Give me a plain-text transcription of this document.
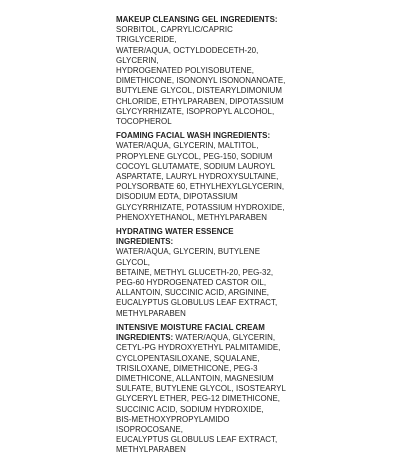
MAKEUP CLEANSING GEL INGREDIENTS:
SORBITOL, CAPRYLIC/CAPRIC TRIGLYCERIDE,
WATER/AQUA, OCTYLDODECETH-20, GLYCERIN,
HYDROGENATED POLYISOBUTENE,
DIMETHICONE, ISONONYL ISONONANOATE,
BUTYLENE GLYCOL, DISTEARYLDIMONIUM
CHLORIDE, ETHYLPARABEN, DIPOTASSIUM
GLYCYRRHIZATE, ISOPROPYL ALCOHOL,
TOCOPHEROL
FOAMING FACIAL WASH INGREDIENTS:
WATER/AQUA, GLYCERIN, MALTITOL,
PROPYLENE GLYCOL, PEG-150, SODIUM
COCOYL GLUTAMATE, SODIUM LAUROYL
ASPARTATE, LAURYL HYDROXYSULTAINE,
POLYSORBATE 60, ETHYLHEXYLGLYCERIN,
DISODIUM EDTA, DIPOTASSIUM
GLYCYRRHIZATE, POTASSIUM HYDROXIDE,
PHENOXYETHANOL, METHYLPARABEN
HYDRATING WATER ESSENCE INGREDIENTS:
WATER/AQUA, GLYCERIN, BUTYLENE GLYCOL,
BETAINE, METHYL GLUCETH-20, PEG-32,
PEG-60 HYDROGENATED CASTOR OIL,
ALLANTOIN, SUCCINIC ACID, ARGININE,
EUCALYPTUS GLOBULUS LEAF EXTRACT,
METHYLPARABEN
INTENSIVE MOISTURE FACIAL CREAM INGREDIENTS: WATER/AQUA, GLYCERIN,
CETYL-PG HYDROXYETHYL PALMITAMIDE,
CYCLOPENTASILOXANE, SQUALANE,
TRISILOXANE, DIMETHICONE, PEG-3
DIMETHICONE, ALLANTOIN, MAGNESIUM
SULFATE, BUTYLENE GLYCOL, ISOSTEARYL
GLYCERYL ETHER, PEG-12 DIMETHICONE,
SUCCINIC ACID, SODIUM HYDROXIDE,
BIS-METHOXYPROPYLAMIDO ISOPROCOSANE,
EUCALYPTUS GLOBULUS LEAF EXTRACT,
METHYLPARABEN
